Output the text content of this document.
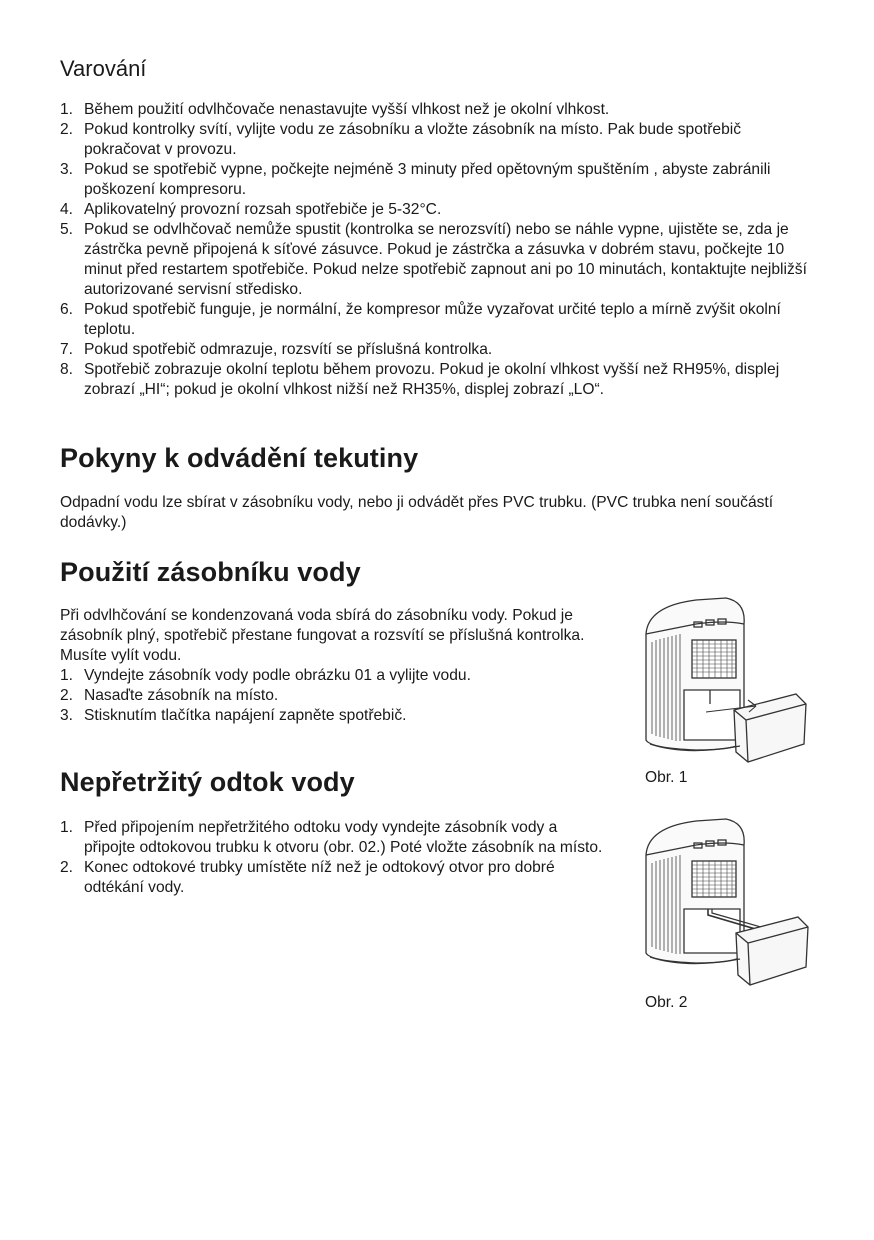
Varování
1. Během použití odvlhčovače nenastavujte vyšší vlhkost než je okolní vlhkost.
2. Pokud kontrolky svítí, vylijte vodu ze zásobníku a vložte zásobník na místo. Pak bude spotřebič pokračovat v provozu.
3. Pokud se spotřebič vypne, počkejte nejméně 3 minuty před opětovným spuštěním , abyste zabránili poškození kompresoru.
4. Aplikovatelný provozní rozsah spotřebiče je 5-32°C.
5. Pokud se odvlhčovač nemůže spustit (kontrolka se nerozsvítí) nebo se náhle vypne, ujistěte se, zda je zástrčka pevně připojená k síťové zásuvce. Pokud je zástrčka a zásuvka v dobrém stavu, počkejte 10 minut před restartem spotřebiče. Pokud nelze spotřebič zapnout ani po 10 minutách, kontaktujte nejbližší autorizované servisní středisko.
6. Pokud spotřebič funguje, je normální, že kompresor může vyzařovat určité teplo a mírně zvýšit okolní teplotu.
7. Pokud spotřebič odmrazuje, rozsvítí se příslušná kontrolka.
8. Spotřebič zobrazuje okolní teplotu během provozu. Pokud je okolní vlhkost vyšší než RH95%, displej zobrazí „HI“; pokud je okolní vlhkost nižší než RH35%, displej zobrazí „LO“.
Pokyny k odvádění tekutiny

Odpadní vodu lze sbírat v zásobníku vody, nebo ji odvádět přes PVC trubku. (PVC trubka není součástí dodávky.)

Použití zásobníku vody

Při odvlhčování se kondenzovaná voda sbírá do zásobníku vody. Pokud je zásobník plný, spotřebič přestane fungovat a rozsvítí se příslušná kontrolka. Musíte vylít vodu.

1. Vyndejte zásobník vody podle obrázku 01 a vylijte vodu.
2. Nasaďte zásobník na místo.
3. Stisknutím tlačítka napájení zapněte spotřebič.
Obr. 1
Nepřetržitý odtok vody
1. Před připojením nepřetržitého odtoku vody vyndejte zásobník vody a připojte odtokovou trubku k otvoru (obr. 02.) Poté vložte zásobník na místo.
2. Konec odtokové trubky umístěte níž než je odtokový otvor pro dobré odtékání vody.
Obr. 2
